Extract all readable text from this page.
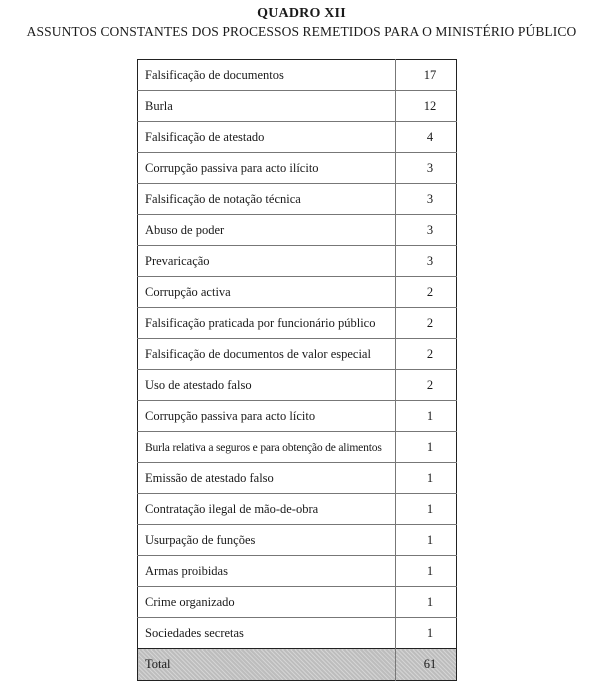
QUADRO XII
ASSUNTOS CONSTANTES DOS PROCESSOS REMETIDOS PARA O MINISTÉRIO PÚBLICO
Falsificação de documentos	17
Burla	12
Falsificação de atestado	4
Corrupção passiva para acto ilícito	3
Falsificação de notação técnica	3
Abuso de poder	3
Prevaricação	3
Corrupção activa	2
Falsificação praticada por funcionário público	2
Falsificação de documentos de valor especial	2
Uso de atestado falso	2
Corrupção passiva para acto lícito	1
Burla relativa a seguros e para obtenção de alimentos	1
Emissão de atestado falso	1
Contratação ilegal de mão-de-obra	1
Usurpação de funções	1
Armas proibidas	1
Crime organizado	1
Sociedades secretas	1
Total	61
